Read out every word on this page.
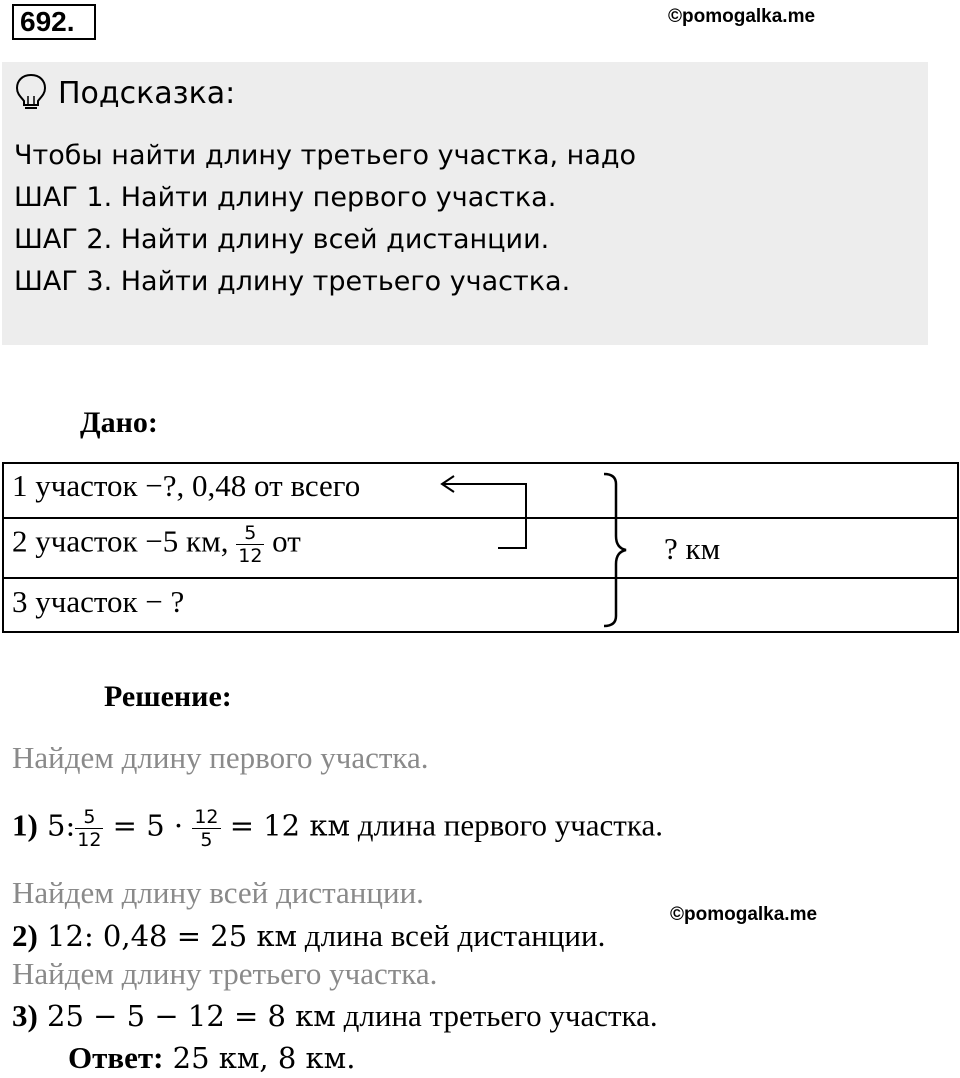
692.	©pomogalka.me
Подсказка:
Чтобы найти длину третьего участка, надо
ШАГ 1. Найти длину первого участка.
ШАГ 2. Найти длину всей дистанции.
ШАГ 3. Найти длину третьего участка.
Дано:
1 участок −?, 0,48 от всего
2 участок −5 км, $\frac{5}{12}$ от
3 участок − ?
? км
Решение:
Найдем длину первого участка.
1) 5: $\frac{5}{12} = 5 \cdot \frac{12}{5} = 12$ км длина первого участка.
Найдем длину всей дистанции.
©pomogalka.me
2) 12: 0,48 = 25 км длина всей дистанции.
Найдем длину третьего участка.
3) 25 − 5 − 12 = 8 км длина третьего участка.
Ответ: 25 км, 8 км.
